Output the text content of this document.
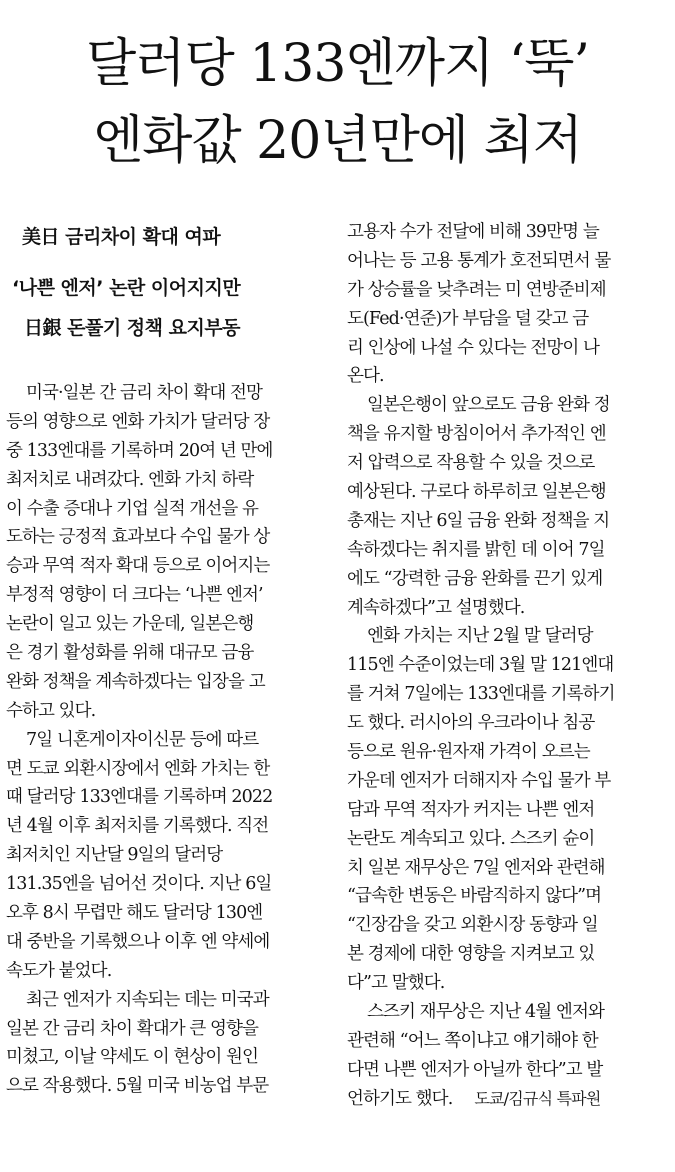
달러당 133엔까지 ‘뚝’
엔화값 20년만에 최저
美日 금리차이 확대 여파
‘나쁜 엔저’ 논란 이어지지만
日銀 돈풀기 정책 요지부동
미국·일본 간 금리 차이 확대 전망
등의 영향으로 엔화 가치가 달러당 장
중 133엔대를 기록하며 20여 년 만에
최저치로 내려갔다. 엔화 가치 하락
이 수출 증대나 기업 실적 개선을 유
도하는 긍정적 효과보다 수입 물가 상
승과 무역 적자 확대 등으로 이어지는
부정적 영향이 더 크다는 ‘나쁜 엔저’
논란이 일고 있는 가운데, 일본은행
은 경기 활성화를 위해 대규모 금융
완화 정책을 계속하겠다는 입장을 고
수하고 있다.
7일 니혼게이자이신문 등에 따르
면 도쿄 외환시장에서 엔화 가치는 한
때 달러당 133엔대를 기록하며 2022
년 4월 이후 최저치를 기록했다. 직전
최저치인 지난달 9일의 달러당
131.35엔을 넘어선 것이다. 지난 6일
오후 8시 무렵만 해도 달러당 130엔
대 중반을 기록했으나 이후 엔 약세에
속도가 붙었다.
최근 엔저가 지속되는 데는 미국과
일본 간 금리 차이 확대가 큰 영향을
미쳤고, 이날 약세도 이 현상이 원인
으로 작용했다. 5월 미국 비농업 부문
고용자 수가 전달에 비해 39만명 늘
어나는 등 고용 통계가 호전되면서 물
가 상승률을 낮추려는 미 연방준비제
도(Fed·연준)가 부담을 덜 갖고 금
리 인상에 나설 수 있다는 전망이 나
온다.
일본은행이 앞으로도 금융 완화 정
책을 유지할 방침이어서 추가적인 엔
저 압력으로 작용할 수 있을 것으로
예상된다. 구로다 하루히코 일본은행
총재는 지난 6일 금융 완화 정책을 지
속하겠다는 취지를 밝힌 데 이어 7일
에도 “강력한 금융 완화를 끈기 있게
계속하겠다”고 설명했다.
엔화 가치는 지난 2월 말 달러당
115엔 수준이었는데 3월 말 121엔대
를 거쳐 7일에는 133엔대를 기록하기
도 했다. 러시아의 우크라이나 침공
등으로 원유·원자재 가격이 오르는
가운데 엔저가 더해지자 수입 물가 부
담과 무역 적자가 커지는 나쁜 엔저
논란도 계속되고 있다. 스즈키 슌이
치 일본 재무상은 7일 엔저와 관련해
“급속한 변동은 바람직하지 않다”며
“긴장감을 갖고 외환시장 동향과 일
본 경제에 대한 영향을 지켜보고 있
다”고 말했다.
스즈키 재무상은 지난 4월 엔저와
관련해 “어느 쪽이냐고 얘기해야 한
다면 나쁜 엔저가 아닐까 한다”고 발
언하기도 했다. 도쿄/김규식 특파원
